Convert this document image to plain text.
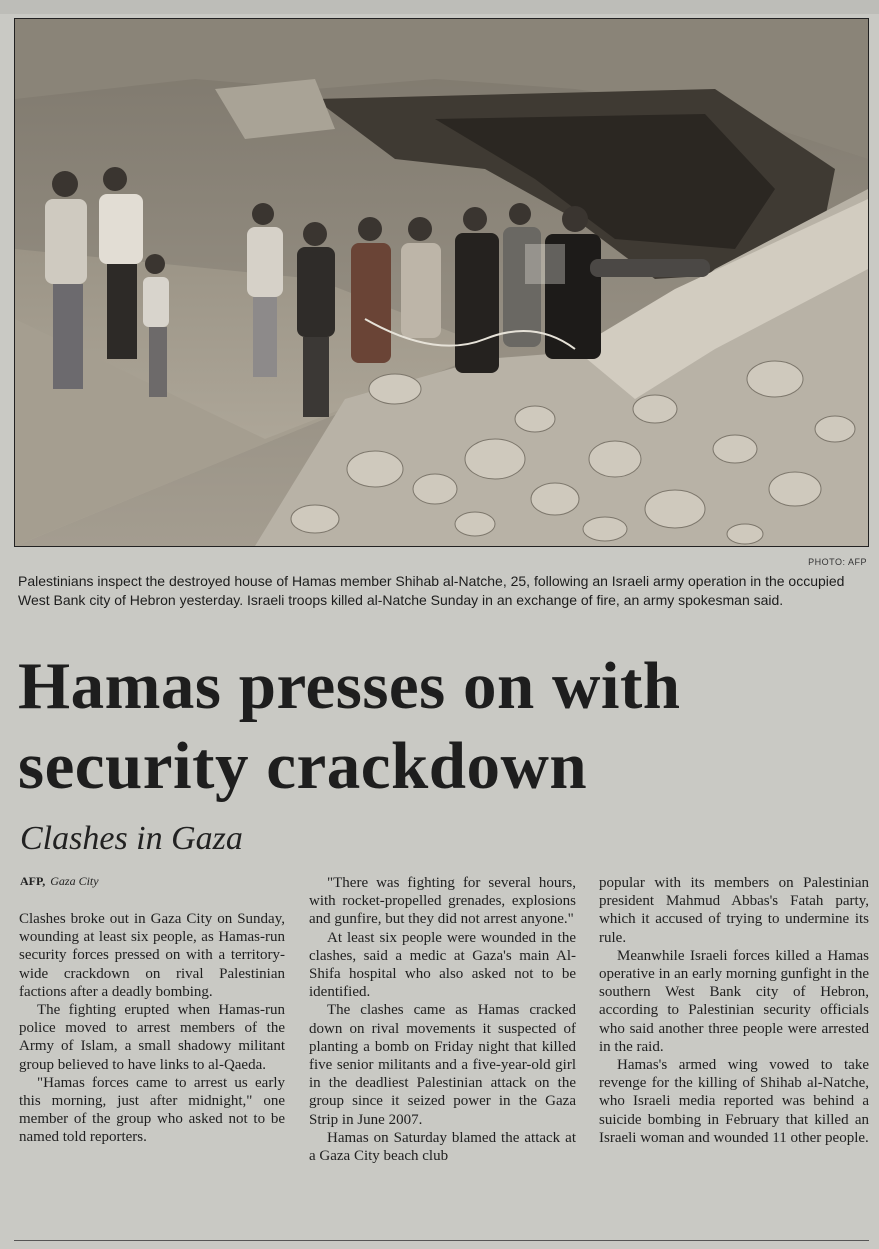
PHOTO: AFP
Palestinians inspect the destroyed house of Hamas member Shihab al-Natche, 25, following an Israeli army operation in the occupied West Bank city of Hebron yesterday. Israeli troops killed al-Natche Sunday in an exchange of fire, an army spokesman said.
Hamas presses on with security crackdown
Clashes in Gaza
AFP, Gaza City

Clashes broke out in Gaza City on Sunday, wounding at least six people, as Hamas-run security forces pressed on with a territory-wide crackdown on rival Palestinian factions after a deadly bombing.

The fighting erupted when Hamas-run police moved to arrest members of the Army of Islam, a small shadowy militant group believed to have links to al-Qaeda.

"Hamas forces came to arrest us early this morning, just after midnight," one member of the group who asked not to be named told reporters.

"There was fighting for several hours, with rocket-propelled grenades, explosions and gunfire, but they did not arrest anyone."

At least six people were wounded in the clashes, said a medic at Gaza's main Al-Shifa hospital who also asked not to be identified.

The clashes came as Hamas cracked down on rival movements it suspected of planting a bomb on Friday night that killed five senior militants and a five-year-old girl in the deadliest Palestinian attack on the group since it seized power in the Gaza Strip in June 2007.

Hamas on Saturday blamed the attack at a Gaza City beach club

popular with its members on Palestinian president Mahmud Abbas's Fatah party, which it accused of trying to undermine its rule.

Meanwhile Israeli forces killed a Hamas operative in an early morning gunfight in the southern West Bank city of Hebron, according to Palestinian security officials who said another three people were arrested in the raid.

Hamas's armed wing vowed to take revenge for the killing of Shihab al-Natche, who Israeli media reported was behind a suicide bombing in February that killed an Israeli woman and wounded 11 other people.
